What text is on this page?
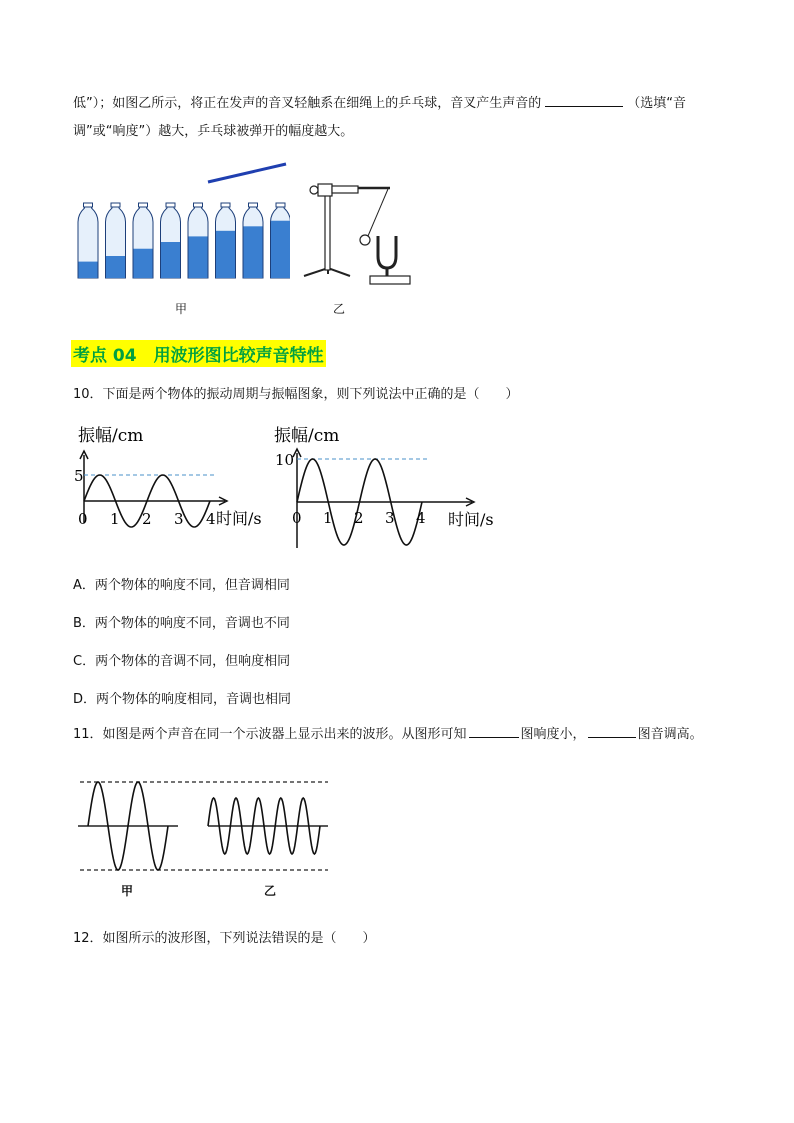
低”）；如图乙所示，将正在发声的音叉轻触系在细绳上的乒乓球，音叉产生声音的	（选填“音
调”或“响度”）越大，乒乓球被弹开的幅度越大。
甲	乙
考点 04　 用波形图比较声音特性
10．下面是两个物体的振动周期与振幅图象，则下列说法中正确的是（　　）
振幅/cm
5
0 1 2 3 4 时间/s
振幅/cm
10
0 1 2 3 4 时间/s
A．两个物体的响度不同，但音调相同
B．两个物体的响度不同，音调也不同
C．两个物体的音调不同，但响度相同
D．两个物体的响度相同，音调也相同
11．如图是两个声音在同一个示波器上显示出来的波形。从图形可知	图响度小，	图音调高。
甲	乙
12．如图所示的波形图，下列说法错误的是（　　）
